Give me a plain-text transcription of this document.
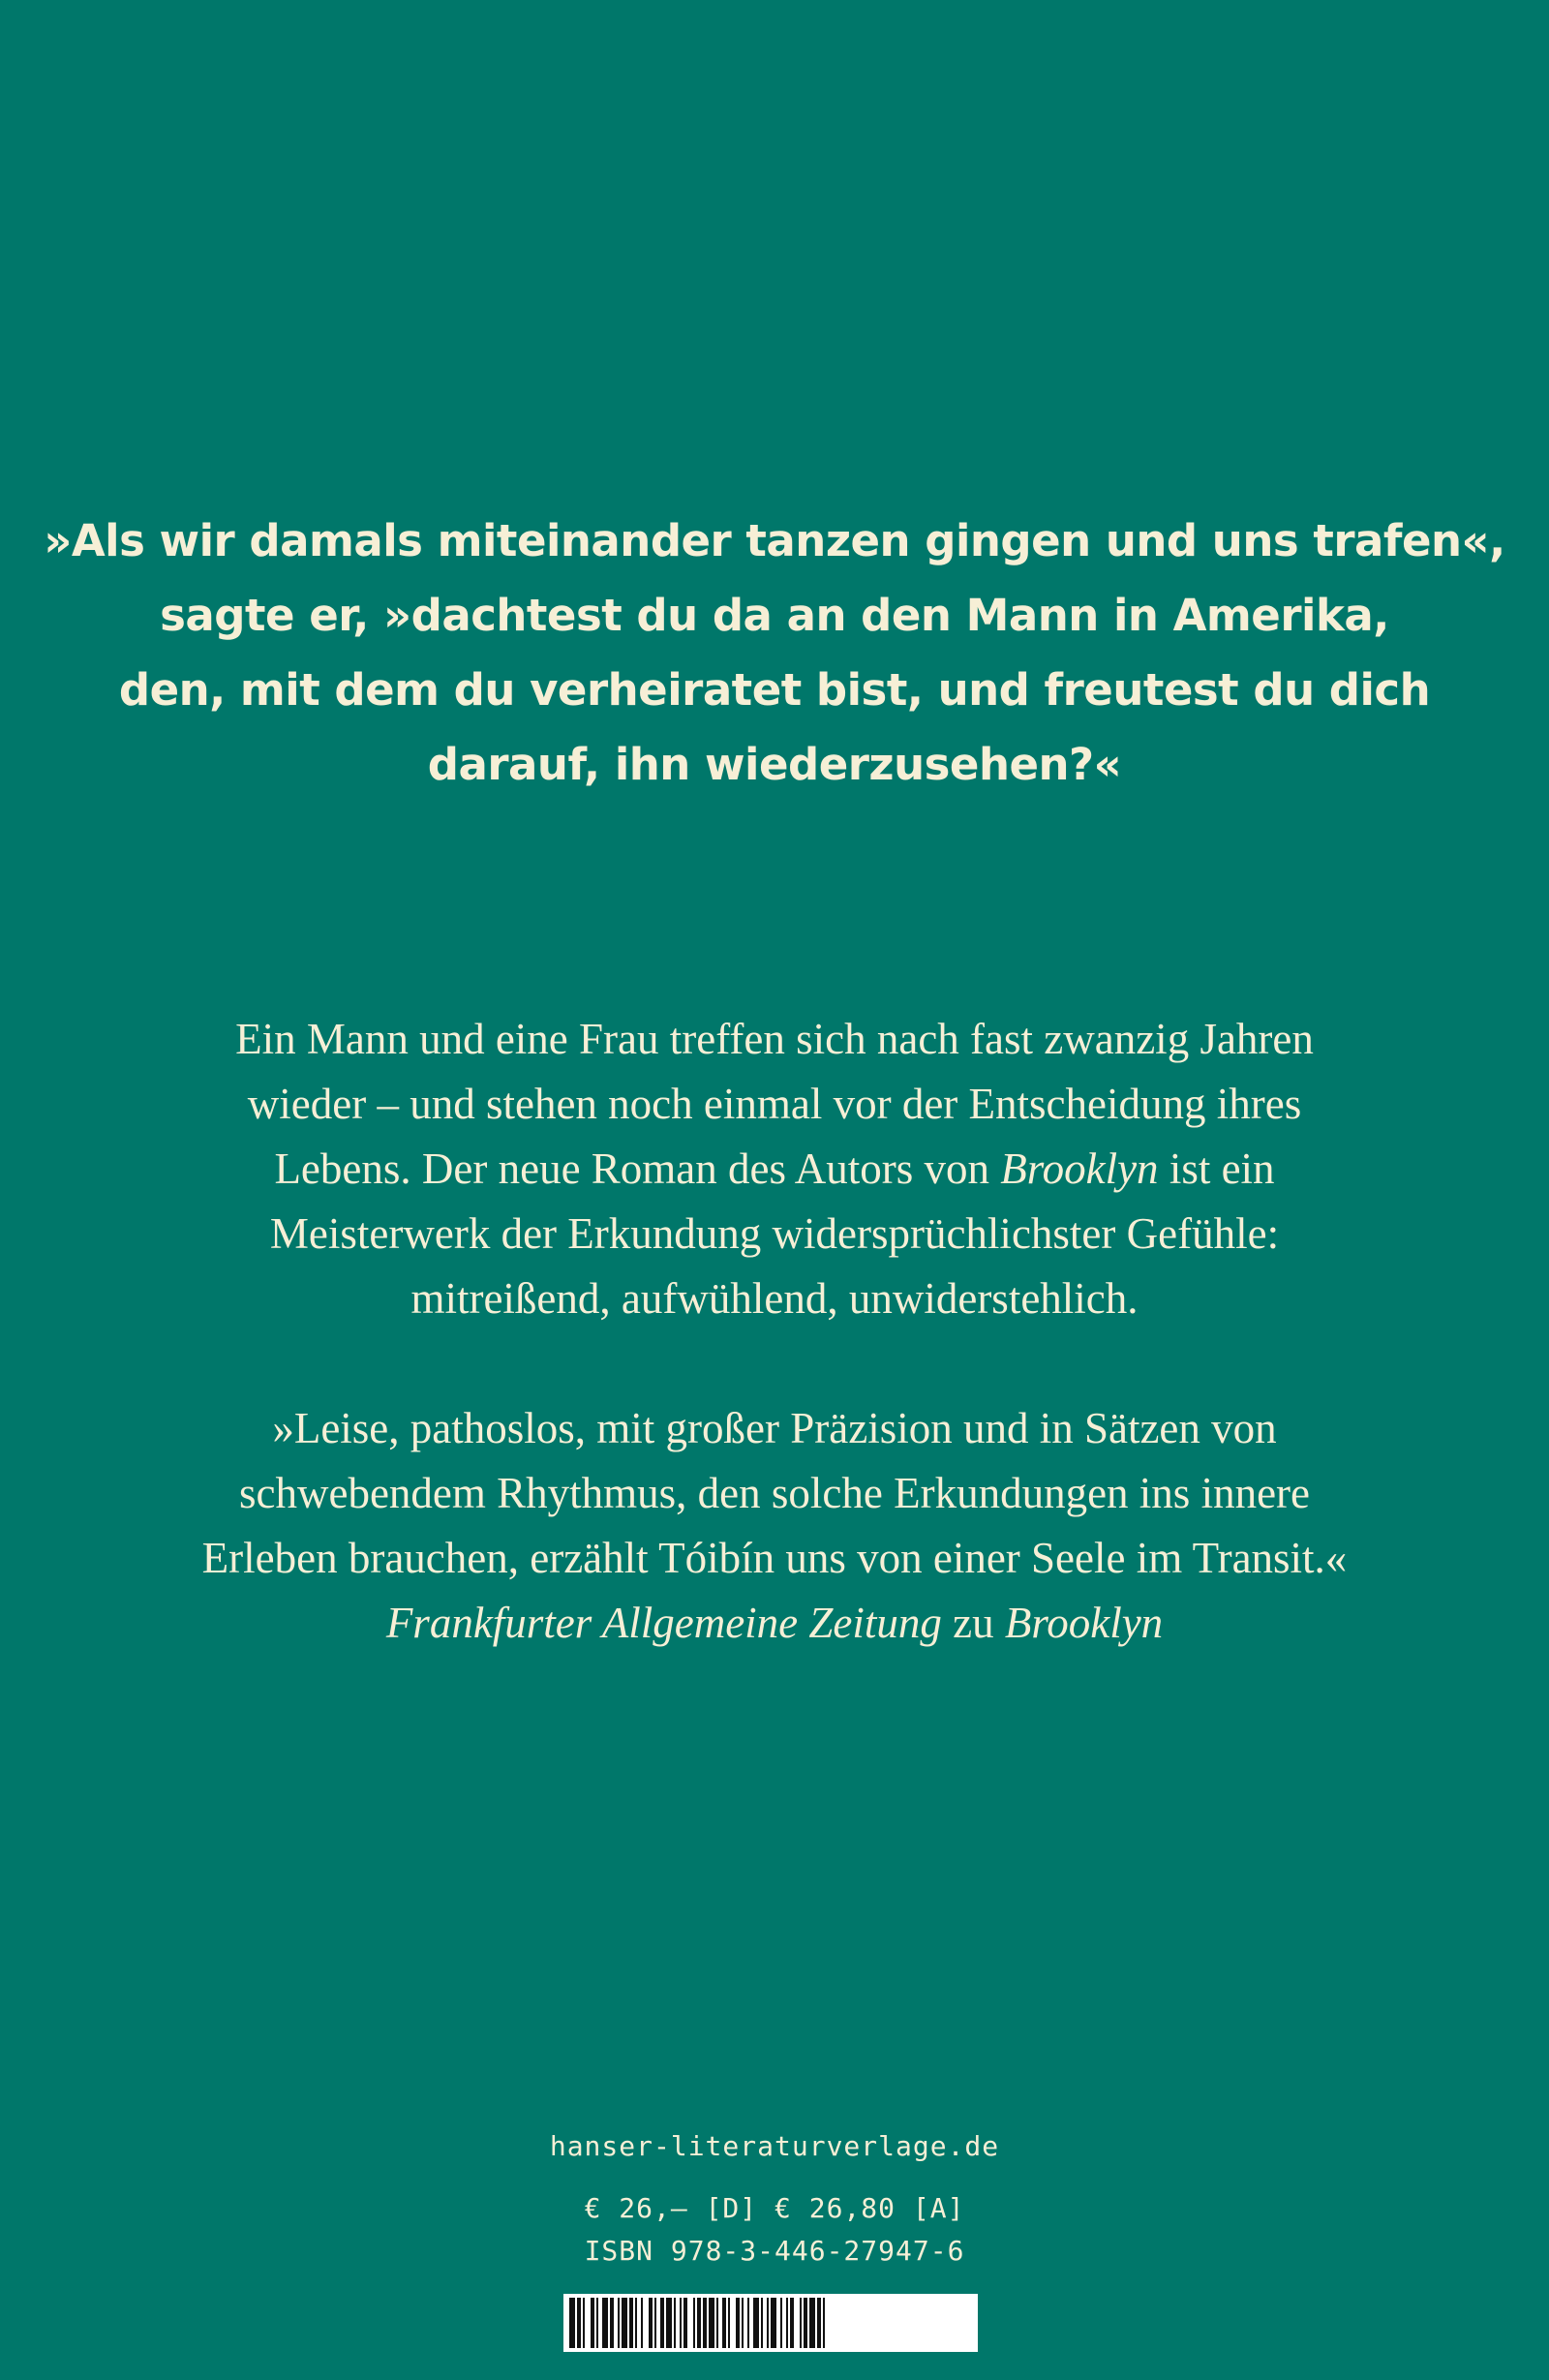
»Als wir damals miteinander tanzen gingen und uns trafen«,
sagte er, »dachtest du da an den Mann in Amerika,
den, mit dem du verheiratet bist, und freutest du dich
darauf, ihn wiederzusehen?«
Ein Mann und eine Frau treffen sich nach fast zwanzig Jahren
wieder – und stehen noch einmal vor der Entscheidung ihres
Lebens. Der neue Roman des Autors von Brooklyn ist ein
Meisterwerk der Erkundung widersprüchlichster Gefühle:
mitreißend, aufwühlend, unwiderstehlich.
»Leise, pathoslos, mit großer Präzision und in Sätzen von
schwebendem Rhythmus, den solche Erkundungen ins innere
Erleben brauchen, erzählt Tóibín uns von einer Seele im Transit.«
Frankfurter Allgemeine Zeitung zu Brooklyn
hanser-literaturverlage.de
€ 26,– [D] € 26,80 [A]
ISBN 978-3-446-27947-6
